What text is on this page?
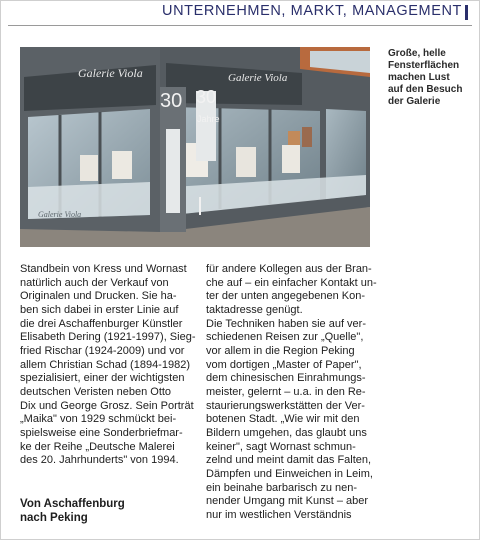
UNTERNEHMEN, MARKT, MANAGEMENT
30 30
Jahre
Galerie Viola	Galerie Viola
Galerie Viola
Große, helle
Fensterflächen
machen Lust
auf den Besuch
der Galerie
Standbein von Kress und Wornast
natürlich auch der Verkauf von
Originalen und Drucken. Sie ha-
ben sich dabei in erster Linie auf
die drei Aschaffenburger Künstler
Elisabeth Dering (1921-1997), Sieg-
fried Rischar (1924-2009) und vor
allem Christian Schad (1894-1982)
spezialisiert, einer der wichtigsten
deutschen Veristen neben Otto
Dix und George Grosz. Sein Porträt
„Maika" von 1929 schmückt bei-
spielsweise eine Sonderbriefmar-
ke der Reihe „Deutsche Malerei
des 20. Jahrhunderts" von 1994.
Von Aschaffenburg
nach Peking
für andere Kollegen aus der Bran-
che auf – ein einfacher Kontakt un-
ter der unten angegebenen Kon-
taktadresse genügt.
Die Techniken haben sie auf ver-
schiedenen Reisen zur „Quelle",
vor allem in die Region Peking
vom dortigen „Master of Paper",
dem chinesischen Einrahmungs-
meister, gelernt – u.a. in den Re-
staurierungswerkstätten der Ver-
botenen Stadt. „Wie wir mit den
Bildern umgehen, das glaubt uns
keiner", sagt Wornast schmun-
zelnd und meint damit das Falten,
Dämpfen und Einweichen in Leim,
ein beinahe barbarisch zu nen-
nender Umgang mit Kunst – aber
nur im westlichen Verständnis
